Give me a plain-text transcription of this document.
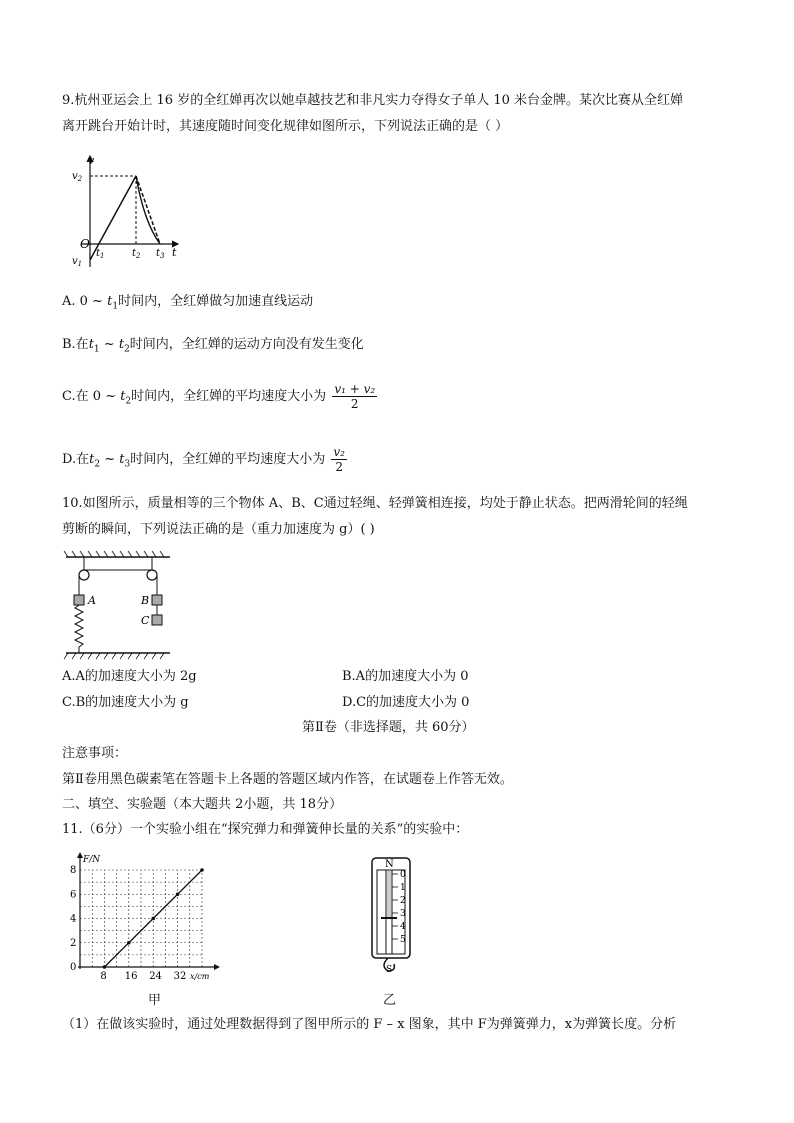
9.杭州亚运会上 16 岁的全红婵再次以她卓越技艺和非凡实力夺得女子单人 10 米台金牌。某次比赛从全红婵
离开跳台开始计时，其速度随时间变化规律如图所示，下列说法正确的是（ ）
v
$v_2$
O
$v_1$
$t_1$	$t_2$ $t_3$ t
A. 0 ~ $t_1$时间内，全红婵做匀加速直线运动
B.在$t_1$ ~ $t_2$时间内，全红婵的运动方向没有发生变化
C.在 0 ~ $t_2$时间内，全红婵的平均速度大小为 $\frac{\text{v₁ + v₂}}{2}$
D.在$t_2$ ~ $t_3$时间内，全红婵的平均速度大小为 $\frac{\text{v₂}}{2}$
10.如图所示，质量相等的三个物体 A、B、C通过轻绳、轻弹簧相连接，均处于静止状态。把两滑轮间的轻绳
剪断的瞬间，下列说法正确的是（重力加速度为 g）( )
A	B
C
A.A的加速度大小为 2g	B.A的加速度大小为 0
C.B的加速度大小为 g	D.C的加速度大小为 0
第Ⅱ卷（非选择题，共 60分）
注意事项：
第Ⅱ卷用黑色碳素笔在答题卡上各题的答题区域内作答，在试题卷上作答无效。
二、填空、实验题（本大题共 2小题，共 18分）
11.（6分）一个实验小组在“探究弹力和弹簧伸长量的关系”的实验中：
F/N
x/cm
0
2
4
6
8
8 16 24 32
甲
N
0
1
2
3
4
5
S
乙
（1）在做该实验时，通过处理数据得到了图甲所示的 F – x 图象，其中 F为弹簧弹力，x为弹簧长度。分析
